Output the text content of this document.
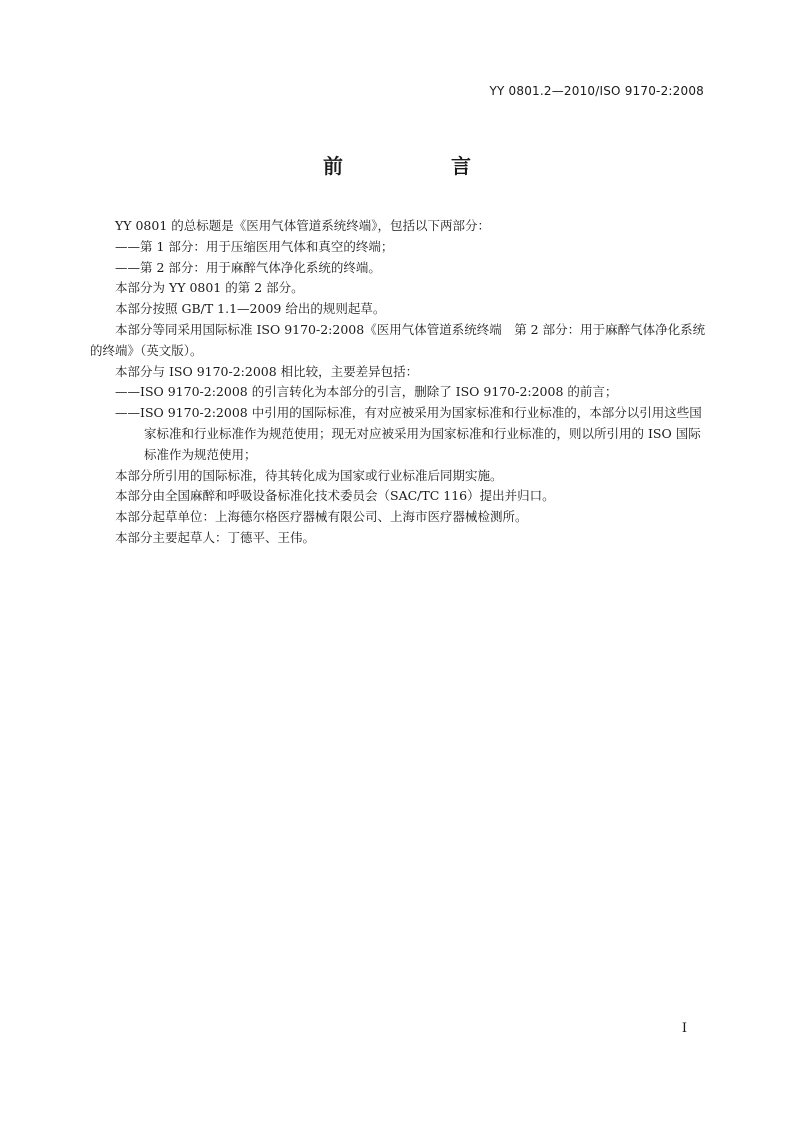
YY 0801.2—2010/ISO 9170-2:2008
前　言

YY 0801 的总标题是《医用气体管道系统终端》，包括以下两部分：

——第 1 部分：用于压缩医用气体和真空的终端；

——第 2 部分：用于麻醉气体净化系统的终端。

本部分为 YY 0801 的第 2 部分。

本部分按照 GB/T 1.1—2009 给出的规则起草。

本部分等同采用国际标准 ISO 9170-2:2008《医用气体管道系统终端　第 2 部分：用于麻醉气体净化系统的终端》（英文版）。

本部分与 ISO 9170-2:2008 相比较，主要差异包括：

——ISO 9170-2:2008 的引言转化为本部分的引言，删除了 ISO 9170-2:2008 的前言；

——ISO 9170-2:2008 中引用的国际标准，有对应被采用为国家标准和行业标准的，本部分以引用这些国家标准和行业标准作为规范使用；现无对应被采用为国家标准和行业标准的，则以所引用的 ISO 国际标准作为规范使用；

本部分所引用的国际标准，待其转化成为国家或行业标准后同期实施。

本部分由全国麻醉和呼吸设备标准化技术委员会（SAC/TC 116）提出并归口。

本部分起草单位：上海德尔格医疗器械有限公司、上海市医疗器械检测所。

本部分主要起草人：丁德平、王伟。

I
